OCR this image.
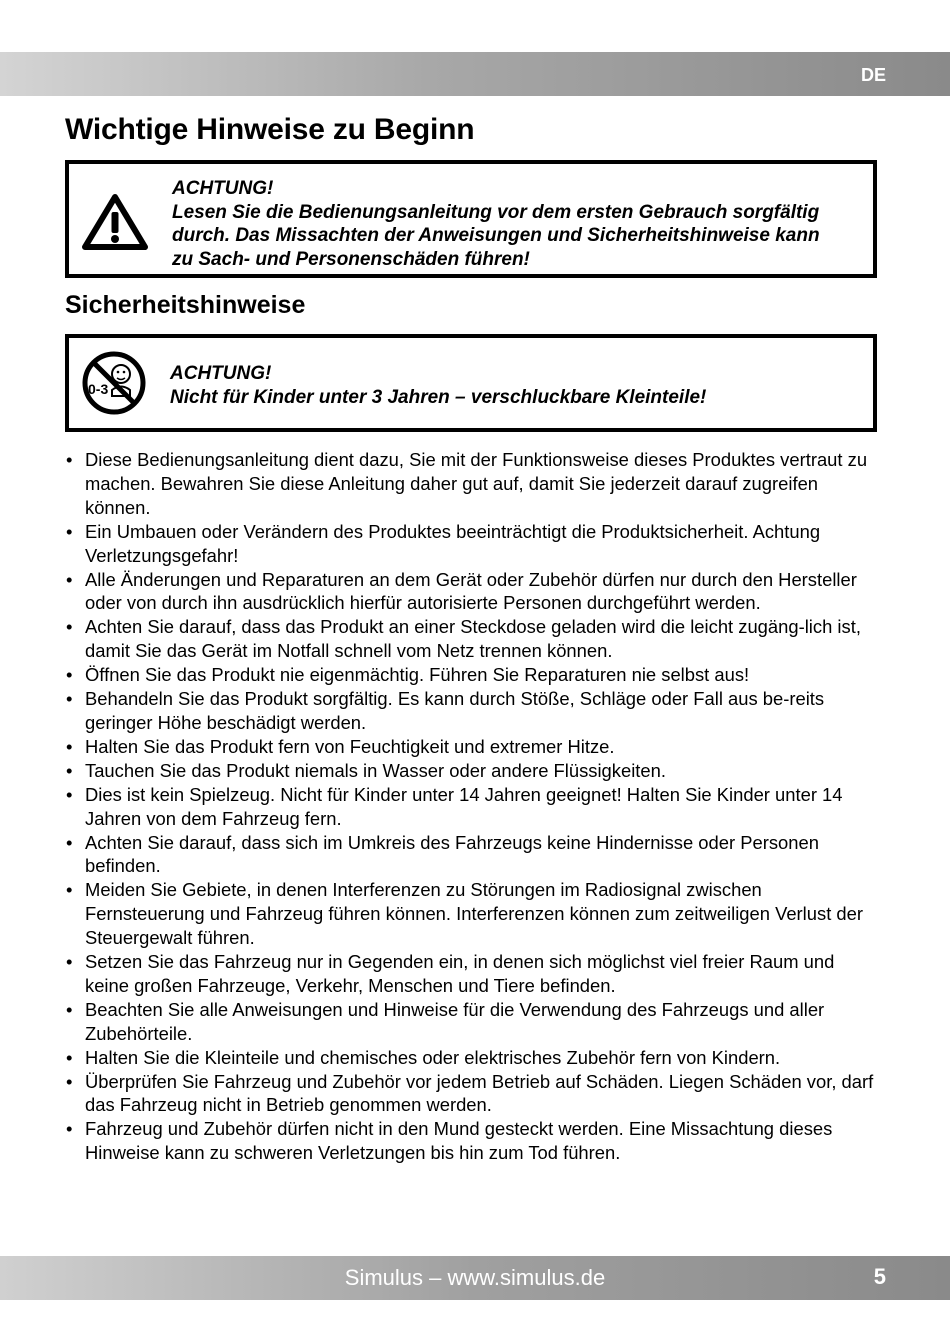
DE
Wichtige Hinweise zu Beginn
ACHTUNG!
Lesen Sie die Bedienungsanleitung vor dem ersten Gebrauch sorgfältig
durch. Das Missachten der Anweisungen und Sicherheitshinweise kann
zu Sach- und Personenschäden führen!
Sicherheitshinweise
0-3
ACHTUNG!
Nicht für Kinder unter 3 Jahren – verschluckbare Kleinteile!
• Diese Bedienungsanleitung dient dazu, Sie mit der Funktionsweise dieses Produktes vertraut zu machen. Bewahren Sie diese Anleitung daher gut auf, damit Sie jederzeit darauf zugreifen können.
• Ein Umbauen oder Verändern des Produktes beeinträchtigt die Produktsicherheit. Achtung Verletzungsgefahr!
• Alle Änderungen und Reparaturen an dem Gerät oder Zubehör dürfen nur durch den Hersteller oder von durch ihn ausdrücklich hierfür autorisierte Personen durchgeführt werden.
• Achten Sie darauf, dass das Produkt an einer Steckdose geladen wird die leicht zugäng-lich ist, damit Sie das Gerät im Notfall schnell vom Netz trennen können.
• Öffnen Sie das Produkt nie eigenmächtig. Führen Sie Reparaturen nie selbst aus!
• Behandeln Sie das Produkt sorgfältig. Es kann durch Stöße, Schläge oder Fall aus be-reits geringer Höhe beschädigt werden.
• Halten Sie das Produkt fern von Feuchtigkeit und extremer Hitze.
• Tauchen Sie das Produkt niemals in Wasser oder andere Flüssigkeiten.
• Dies ist kein Spielzeug. Nicht für Kinder unter 14 Jahren geeignet! Halten Sie Kinder unter 14 Jahren von dem Fahrzeug fern.
• Achten Sie darauf, dass sich im Umkreis des Fahrzeugs keine Hindernisse oder Personen befinden.
• Meiden Sie Gebiete, in denen Interferenzen zu Störungen im Radiosignal zwischen Fernsteuerung und Fahrzeug führen können. Interferenzen können zum zeitweiligen Verlust der Steuergewalt führen.
• Setzen Sie das Fahrzeug nur in Gegenden ein, in denen sich möglichst viel freier Raum und keine großen Fahrzeuge, Verkehr, Menschen und Tiere befinden.
• Beachten Sie alle Anweisungen und Hinweise für die Verwendung des Fahrzeugs und aller Zubehörteile.
• Halten Sie die Kleinteile und chemisches oder elektrisches Zubehör fern von Kindern.
• Überprüfen Sie Fahrzeug und Zubehör vor jedem Betrieb auf Schäden. Liegen Schäden vor, darf das Fahrzeug nicht in Betrieb genommen werden.
• Fahrzeug und Zubehör dürfen nicht in den Mund gesteckt werden. Eine Missachtung dieses Hinweise kann zu schweren Verletzungen bis hin zum Tod führen.
Simulus – www.simulus.de	5
